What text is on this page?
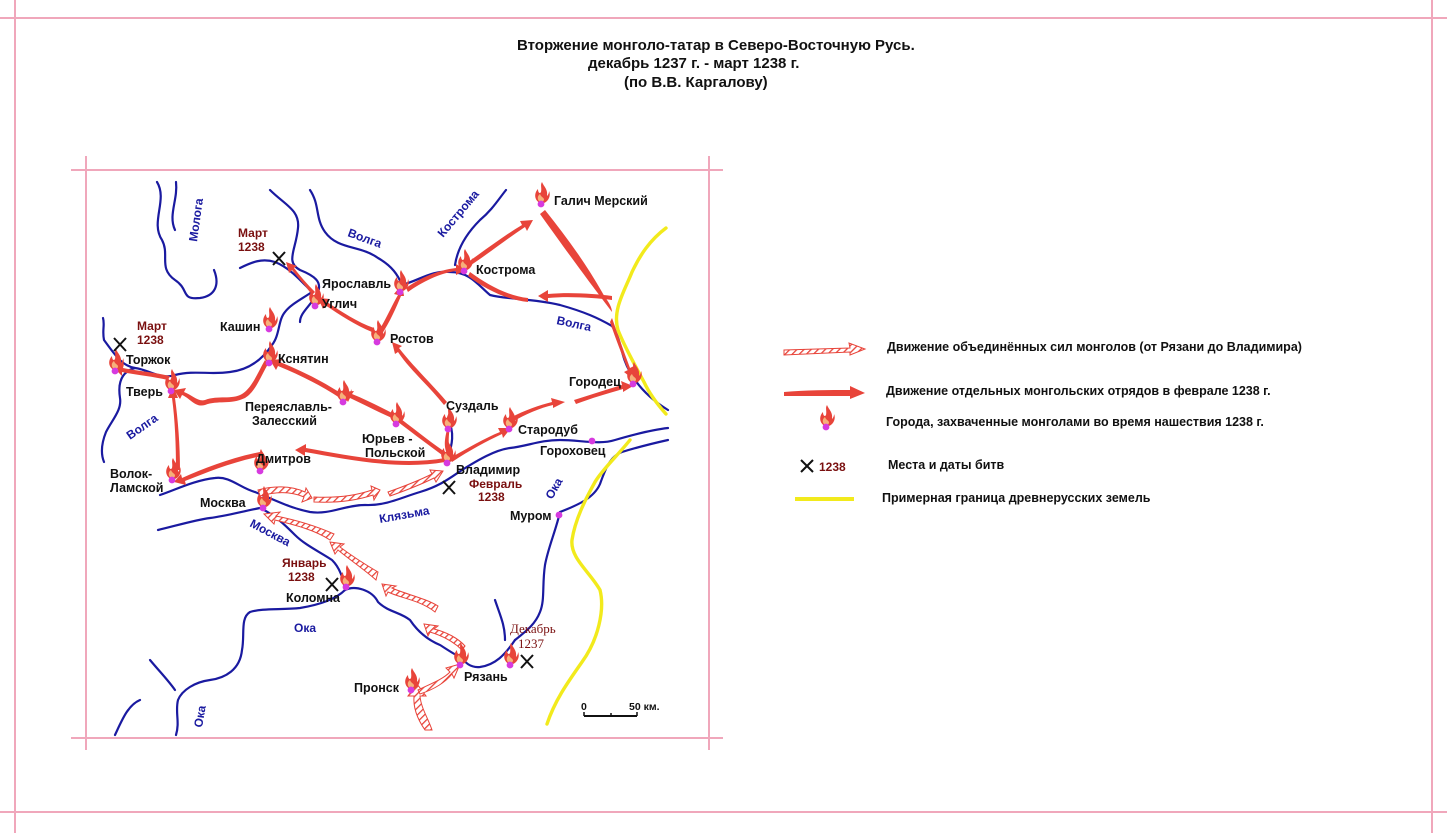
Вторжение монголо-татар в Северо-Восточную Русь.
декабрь 1237 г. - март 1238 г.
(по В.В. Каргалову)
Галич Мерский
Кострома
Ярославль
Углич
Ростов
Кашин
Кснятин
Торжок
Тверь
Переяславль-
Залесский
Суздаль
Городец
Стародуб
Юрьев -
Польской
Дмитров
Волок-
Ламской
Владимир
Гороховец
Москва
Муром
Коломна
Пронск
Рязань
Молога	Волга	Кострома
Волга
Волга
Клязьма
Ока
Москва
Ока
Ока
Март
1238
Март
1238
Февраль
1238
Январь
1238
Декабрь
1237
0	50 км.
1238
Движение объединённых сил монголов (от Рязани до Владимира)
Движение отдельных монгольских отрядов в феврале 1238 г.
Города, захваченные монголами во время нашествия 1238 г.
Места и даты битв
Примерная граница древнерусских земель
